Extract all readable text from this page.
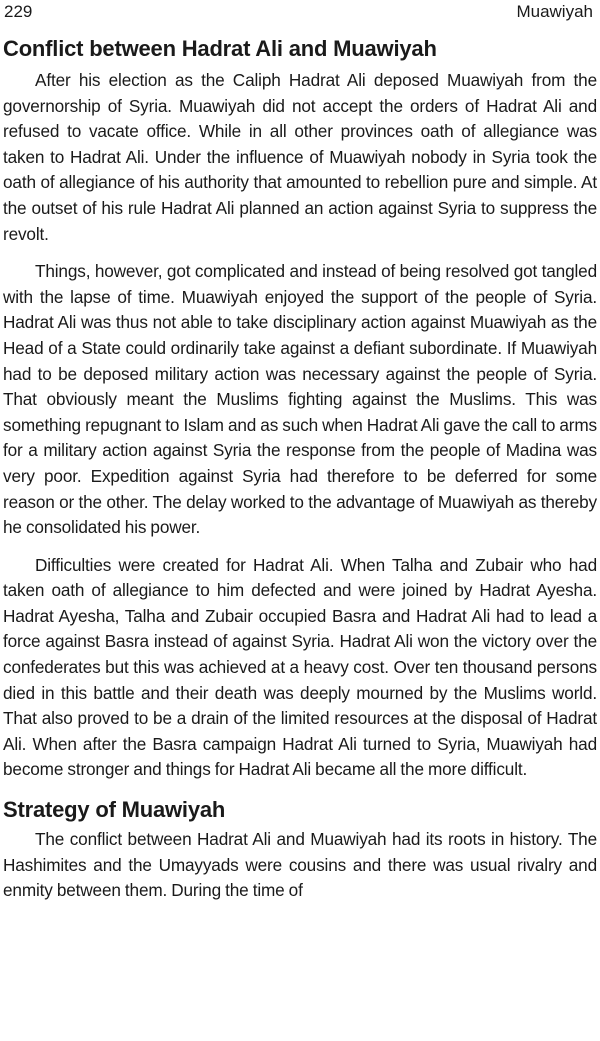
229	Muawiyah
Conflict between Hadrat Ali and Muawiyah

After his election as the Caliph Hadrat Ali deposed Muawiyah from the governorship of Syria. Muawiyah did not accept the orders of Hadrat Ali and refused to vacate office. While in all other provinces oath of allegiance was taken to Hadrat Ali. Under the influence of Muawiyah nobody in Syria took the oath of allegiance of his authority that amounted to rebellion pure and simple. At the outset of his rule Hadrat Ali planned an action against Syria to suppress the revolt.

Things, however, got complicated and instead of being resolved got tangled with the lapse of time. Muawiyah enjoyed the support of the people of Syria. Hadrat Ali was thus not able to take disciplinary action against Muawiyah as the Head of a State could ordinarily take against a defiant subordinate. If Muawiyah had to be deposed military action was necessary against the people of Syria. That obviously meant the Muslims fighting against the Muslims. This was something repugnant to Islam and as such when Hadrat Ali gave the call to arms for a military action against Syria the response from the people of Madina was very poor. Expedition against Syria had therefore to be deferred for some reason or the other. The delay worked to the advantage of Muawiyah as thereby he consolidated his power.

Difficulties were created for Hadrat Ali. When Talha and Zubair who had taken oath of allegiance to him defected and were joined by Hadrat Ayesha. Hadrat Ayesha, Talha and Zubair occupied Basra and Hadrat Ali had to lead a force against Basra instead of against Syria. Hadrat Ali won the victory over the confederates but this was achieved at a heavy cost. Over ten thousand persons died in this battle and their death was deeply mourned by the Muslims world. That also proved to be a drain of the limited resources at the disposal of Hadrat Ali. When after the Basra campaign Hadrat Ali turned to Syria, Muawiyah had become stronger and things for Hadrat Ali became all the more difficult.

Strategy of Muawiyah

The conflict between Hadrat Ali and Muawiyah had its roots in history. The Hashimites and the Umayyads were cousins and there was usual rivalry and enmity between them. During the time of
